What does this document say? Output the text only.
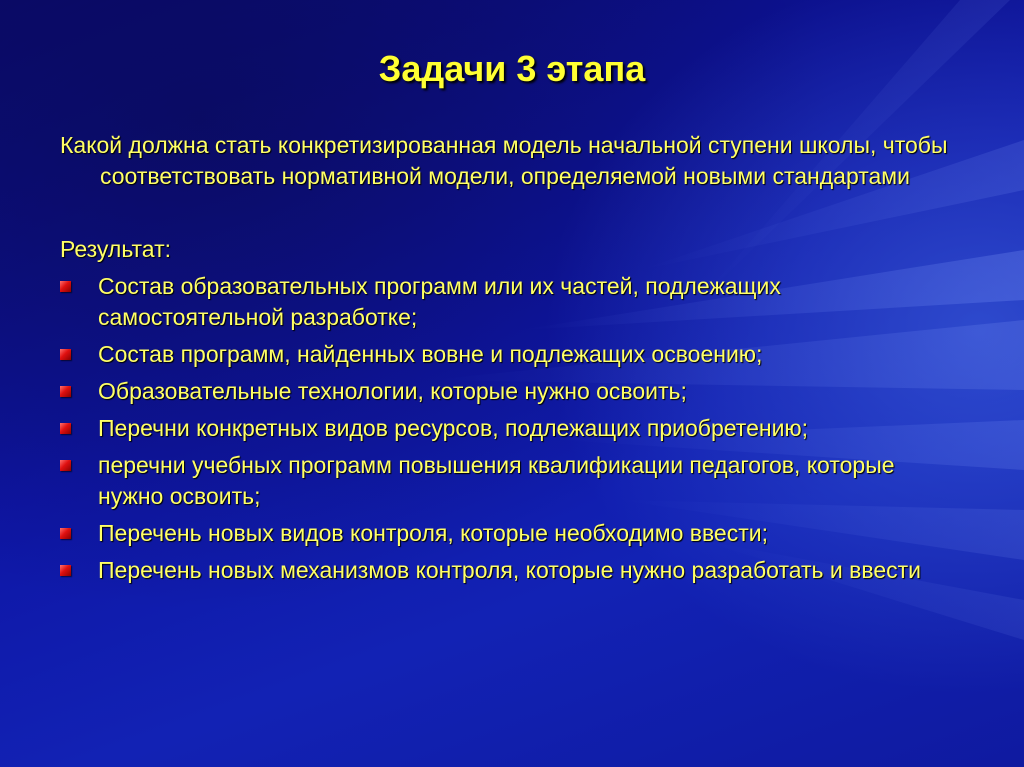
Задачи 3 этапа

Какой должна стать конкретизированная модель начальной ступени школы, чтобы соответствовать нормативной модели, определяемой новыми стандартами

Результат:

Состав образовательных программ или их частей, подлежащих самостоятельной разработке;
Состав программ, найденных вовне и подлежащих освоению;
Образовательные технологии, которые нужно освоить;
Перечни конкретных видов ресурсов, подлежащих приобретению;
перечни учебных программ повышения квалификации педагогов, которые нужно освоить;
Перечень новых видов контроля, которые необходимо ввести;
Перечень новых механизмов контроля, которые нужно разработать и ввести
